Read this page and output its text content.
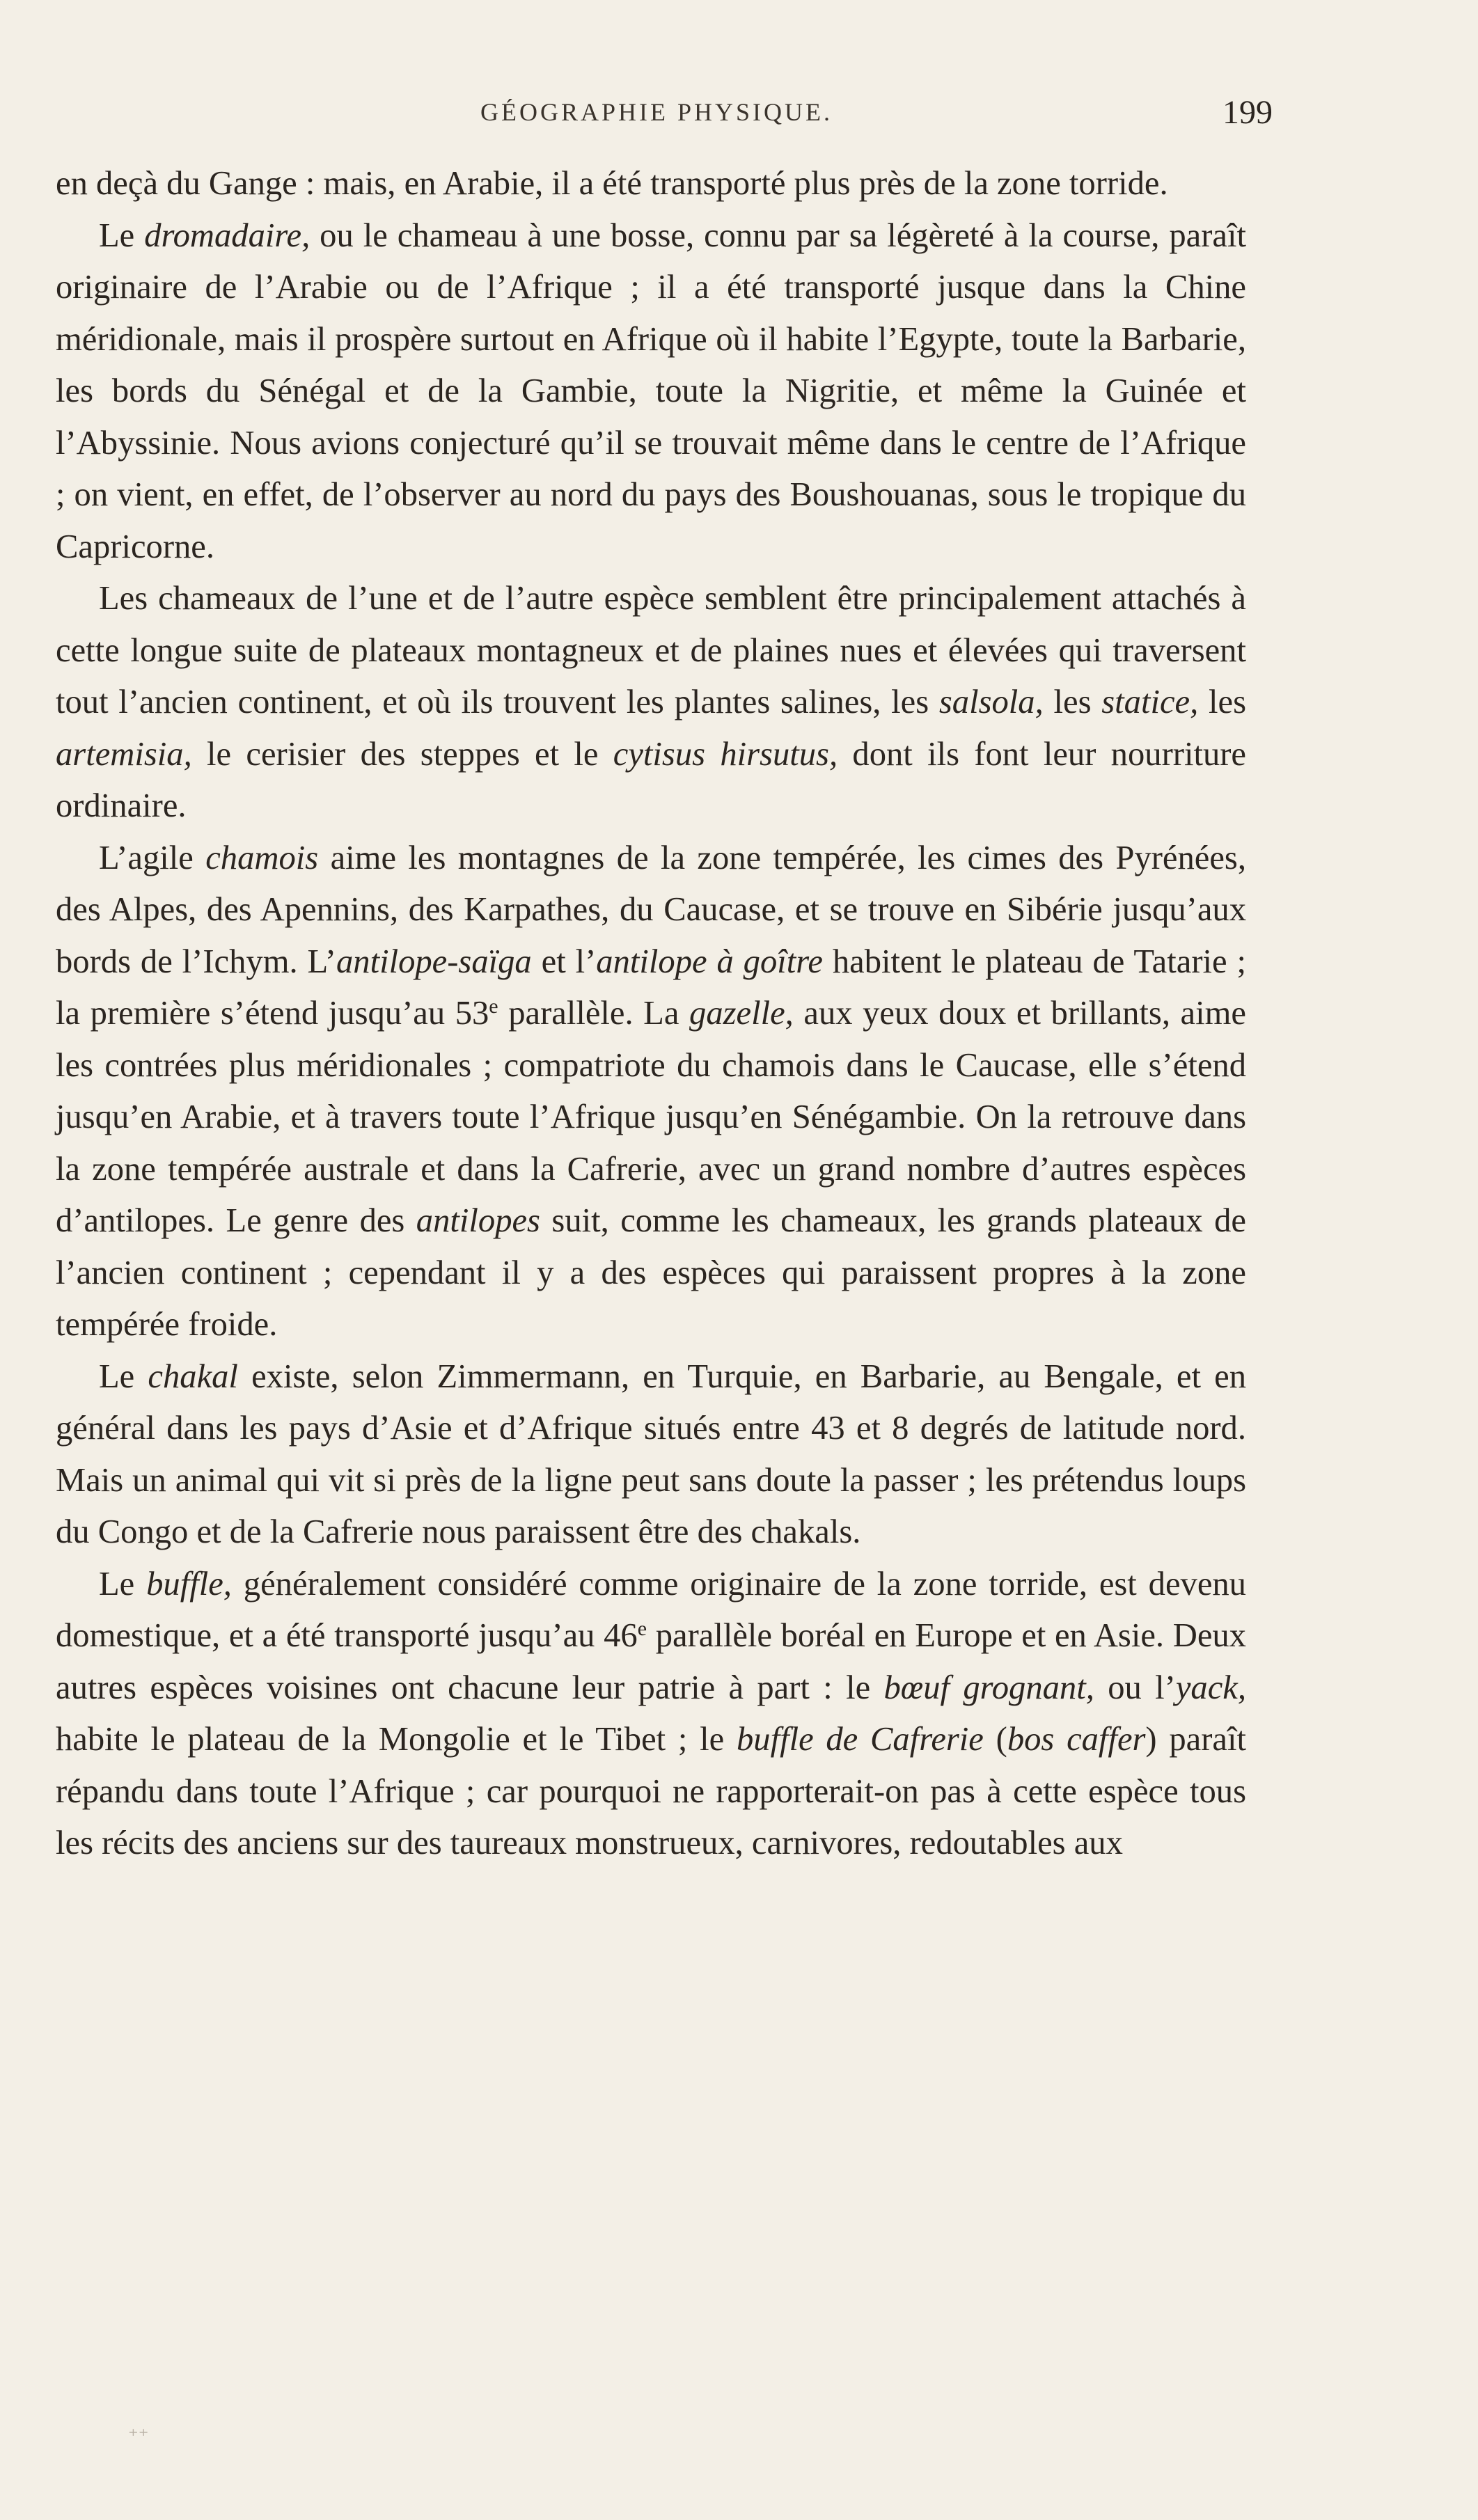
GÉOGRAPHIE PHYSIQUE.	199

en deçà du Gange : mais, en Arabie, il a été transporté plus près de la zone torride.

Le dromadaire, ou le chameau à une bosse, connu par sa légèreté à la course, paraît originaire de l’Arabie ou de l’Afrique ; il a été transporté jusque dans la Chine méridionale, mais il prospère surtout en Afrique où il habite l’Egypte, toute la Barbarie, les bords du Sénégal et de la Gambie, toute la Nigritie, et même la Guinée et l’Abyssinie. Nous avions conjecturé qu’il se trouvait même dans le centre de l’Afrique ; on vient, en effet, de l’observer au nord du pays des Boushouanas, sous le tropique du Capricorne.

Les chameaux de l’une et de l’autre espèce semblent être principalement attachés à cette longue suite de plateaux montagneux et de plaines nues et élevées qui traversent tout l’ancien continent, et où ils trouvent les plantes salines, les salsola, les statice, les artemisia, le cerisier des steppes et le cytisus hirsutus, dont ils font leur nourriture ordinaire.

L’agile chamois aime les montagnes de la zone tempérée, les cimes des Pyrénées, des Alpes, des Apennins, des Karpathes, du Caucase, et se trouve en Sibérie jusqu’aux bords de l’Ichym. L’antilope-saïga et l’antilope à goître habitent le plateau de Tatarie ; la première s’étend jusqu’au 53e parallèle. La gazelle, aux yeux doux et brillants, aime les contrées plus méridionales ; compatriote du chamois dans le Caucase, elle s’étend jusqu’en Arabie, et à travers toute l’Afrique jusqu’en Sénégambie. On la retrouve dans la zone tempérée australe et dans la Cafrerie, avec un grand nombre d’autres espèces d’antilopes. Le genre des antilopes suit, comme les chameaux, les grands plateaux de l’ancien continent ; cependant il y a des espèces qui paraissent propres à la zone tempérée froide.

Le chakal existe, selon Zimmermann, en Turquie, en Barbarie, au Bengale, et en général dans les pays d’Asie et d’Afrique situés entre 43 et 8 degrés de latitude nord. Mais un animal qui vit si près de la ligne peut sans doute la passer ; les prétendus loups du Congo et de la Cafrerie nous paraissent être des chakals.

Le buffle, généralement considéré comme originaire de la zone torride, est devenu domestique, et a été transporté jusqu’au 46e parallèle boréal en Europe et en Asie. Deux autres espèces voisines ont chacune leur patrie à part : le bœuf grognant, ou l’yack, habite le plateau de la Mongolie et le Tibet ; le buffle de Cafrerie (bos caffer) paraît répandu dans toute l’Afrique ; car pourquoi ne rapporterait-on pas à cette espèce tous les récits des anciens sur des taureaux monstrueux, carnivores, redoutables aux

⁺⁺
